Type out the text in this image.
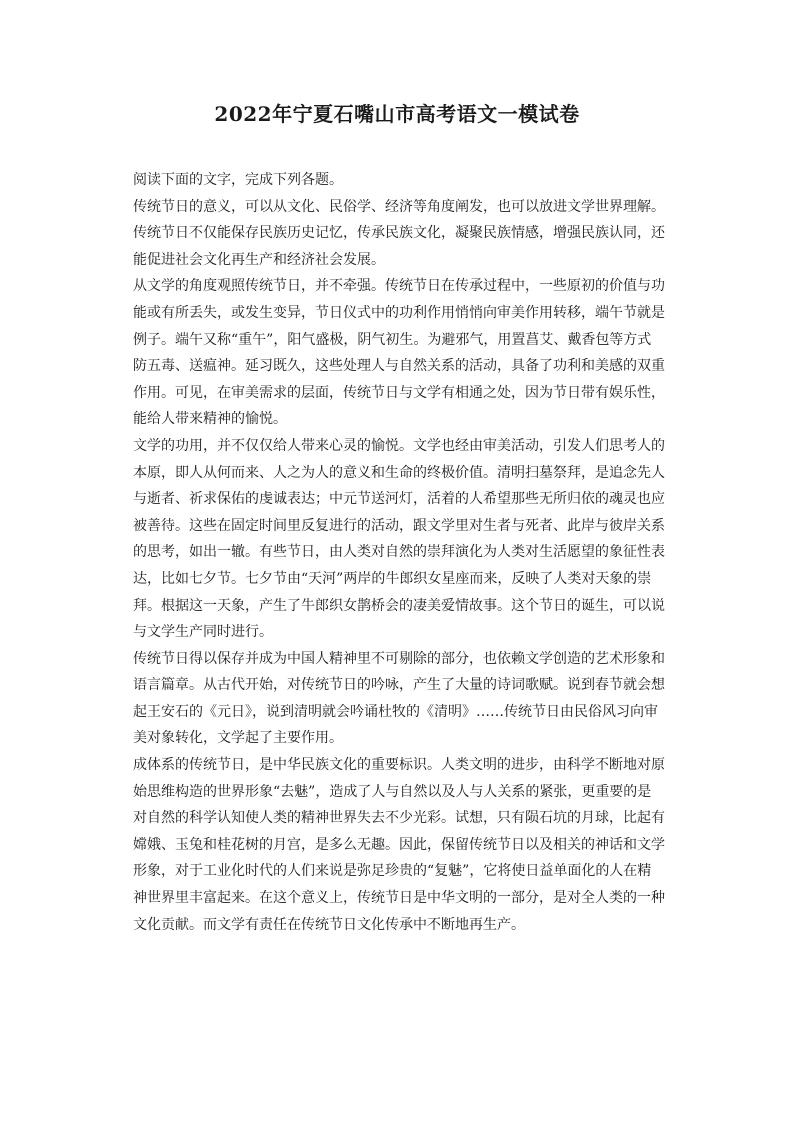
2022年宁夏石嘴山市高考语文一模试卷
阅读下面的文字，完成下列各题。
传统节日的意义，可以从文化、民俗学、经济等角度阐发，也可以放进文学世界理解。
传统节日不仅能保存民族历史记忆，传承民族文化，凝聚民族情感，增强民族认同，还
能促进社会文化再生产和经济社会发展。
从文学的角度观照传统节日，并不牵强。传统节日在传承过程中，一些原初的价值与功
能或有所丢失，或发生变异，节日仪式中的功利作用悄悄向审美作用转移，端午节就是
例子。端午又称“重午”，阳气盛极，阴气初生。为避邪气，用置菖艾、戴香包等方式
防五毒、送瘟神。延习既久，这些处理人与自然关系的活动，具备了功利和美感的双重
作用。可见，在审美需求的层面，传统节日与文学有相通之处，因为节日带有娱乐性，
能给人带来精神的愉悦。
文学的功用，并不仅仅给人带来心灵的愉悦。文学也经由审美活动，引发人们思考人的
本原，即人从何而来、人之为人的意义和生命的终极价值。清明扫墓祭拜，是追念先人
与逝者、祈求保佑的虔诚表达；中元节送河灯，活着的人希望那些无所归依的魂灵也应
被善待。这些在固定时间里反复进行的活动，跟文学里对生者与死者、此岸与彼岸关系
的思考，如出一辙。有些节日，由人类对自然的崇拜演化为人类对生活愿望的象征性表
达，比如七夕节。七夕节由“天河”两岸的牛郎织女星座而来，反映了人类对天象的崇
拜。根据这一天象，产生了牛郎织女鹊桥会的凄美爱情故事。这个节日的诞生，可以说
与文学生产同时进行。
传统节日得以保存并成为中国人精神里不可剔除的部分，也依赖文学创造的艺术形象和
语言篇章。从古代开始，对传统节日的吟咏，产生了大量的诗词歌赋。说到春节就会想
起王安石的《元日》，说到清明就会吟诵杜牧的《清明》……传统节日由民俗风习向审
美对象转化，文学起了主要作用。
成体系的传统节日，是中华民族文化的重要标识。人类文明的进步，由科学不断地对原
始思维构造的世界形象“去魅”，造成了人与自然以及人与人关系的紧张，更重要的是
对自然的科学认知使人类的精神世界失去不少光彩。试想，只有陨石坑的月球，比起有
嫦娥、玉兔和桂花树的月宫，是多么无趣。因此，保留传统节日以及相关的神话和文学
形象，对于工业化时代的人们来说是弥足珍贵的“复魅”，它将使日益单面化的人在精
神世界里丰富起来。在这个意义上，传统节日是中华文明的一部分，是对全人类的一种
文化贡献。而文学有责任在传统节日文化传承中不断地再生产。
